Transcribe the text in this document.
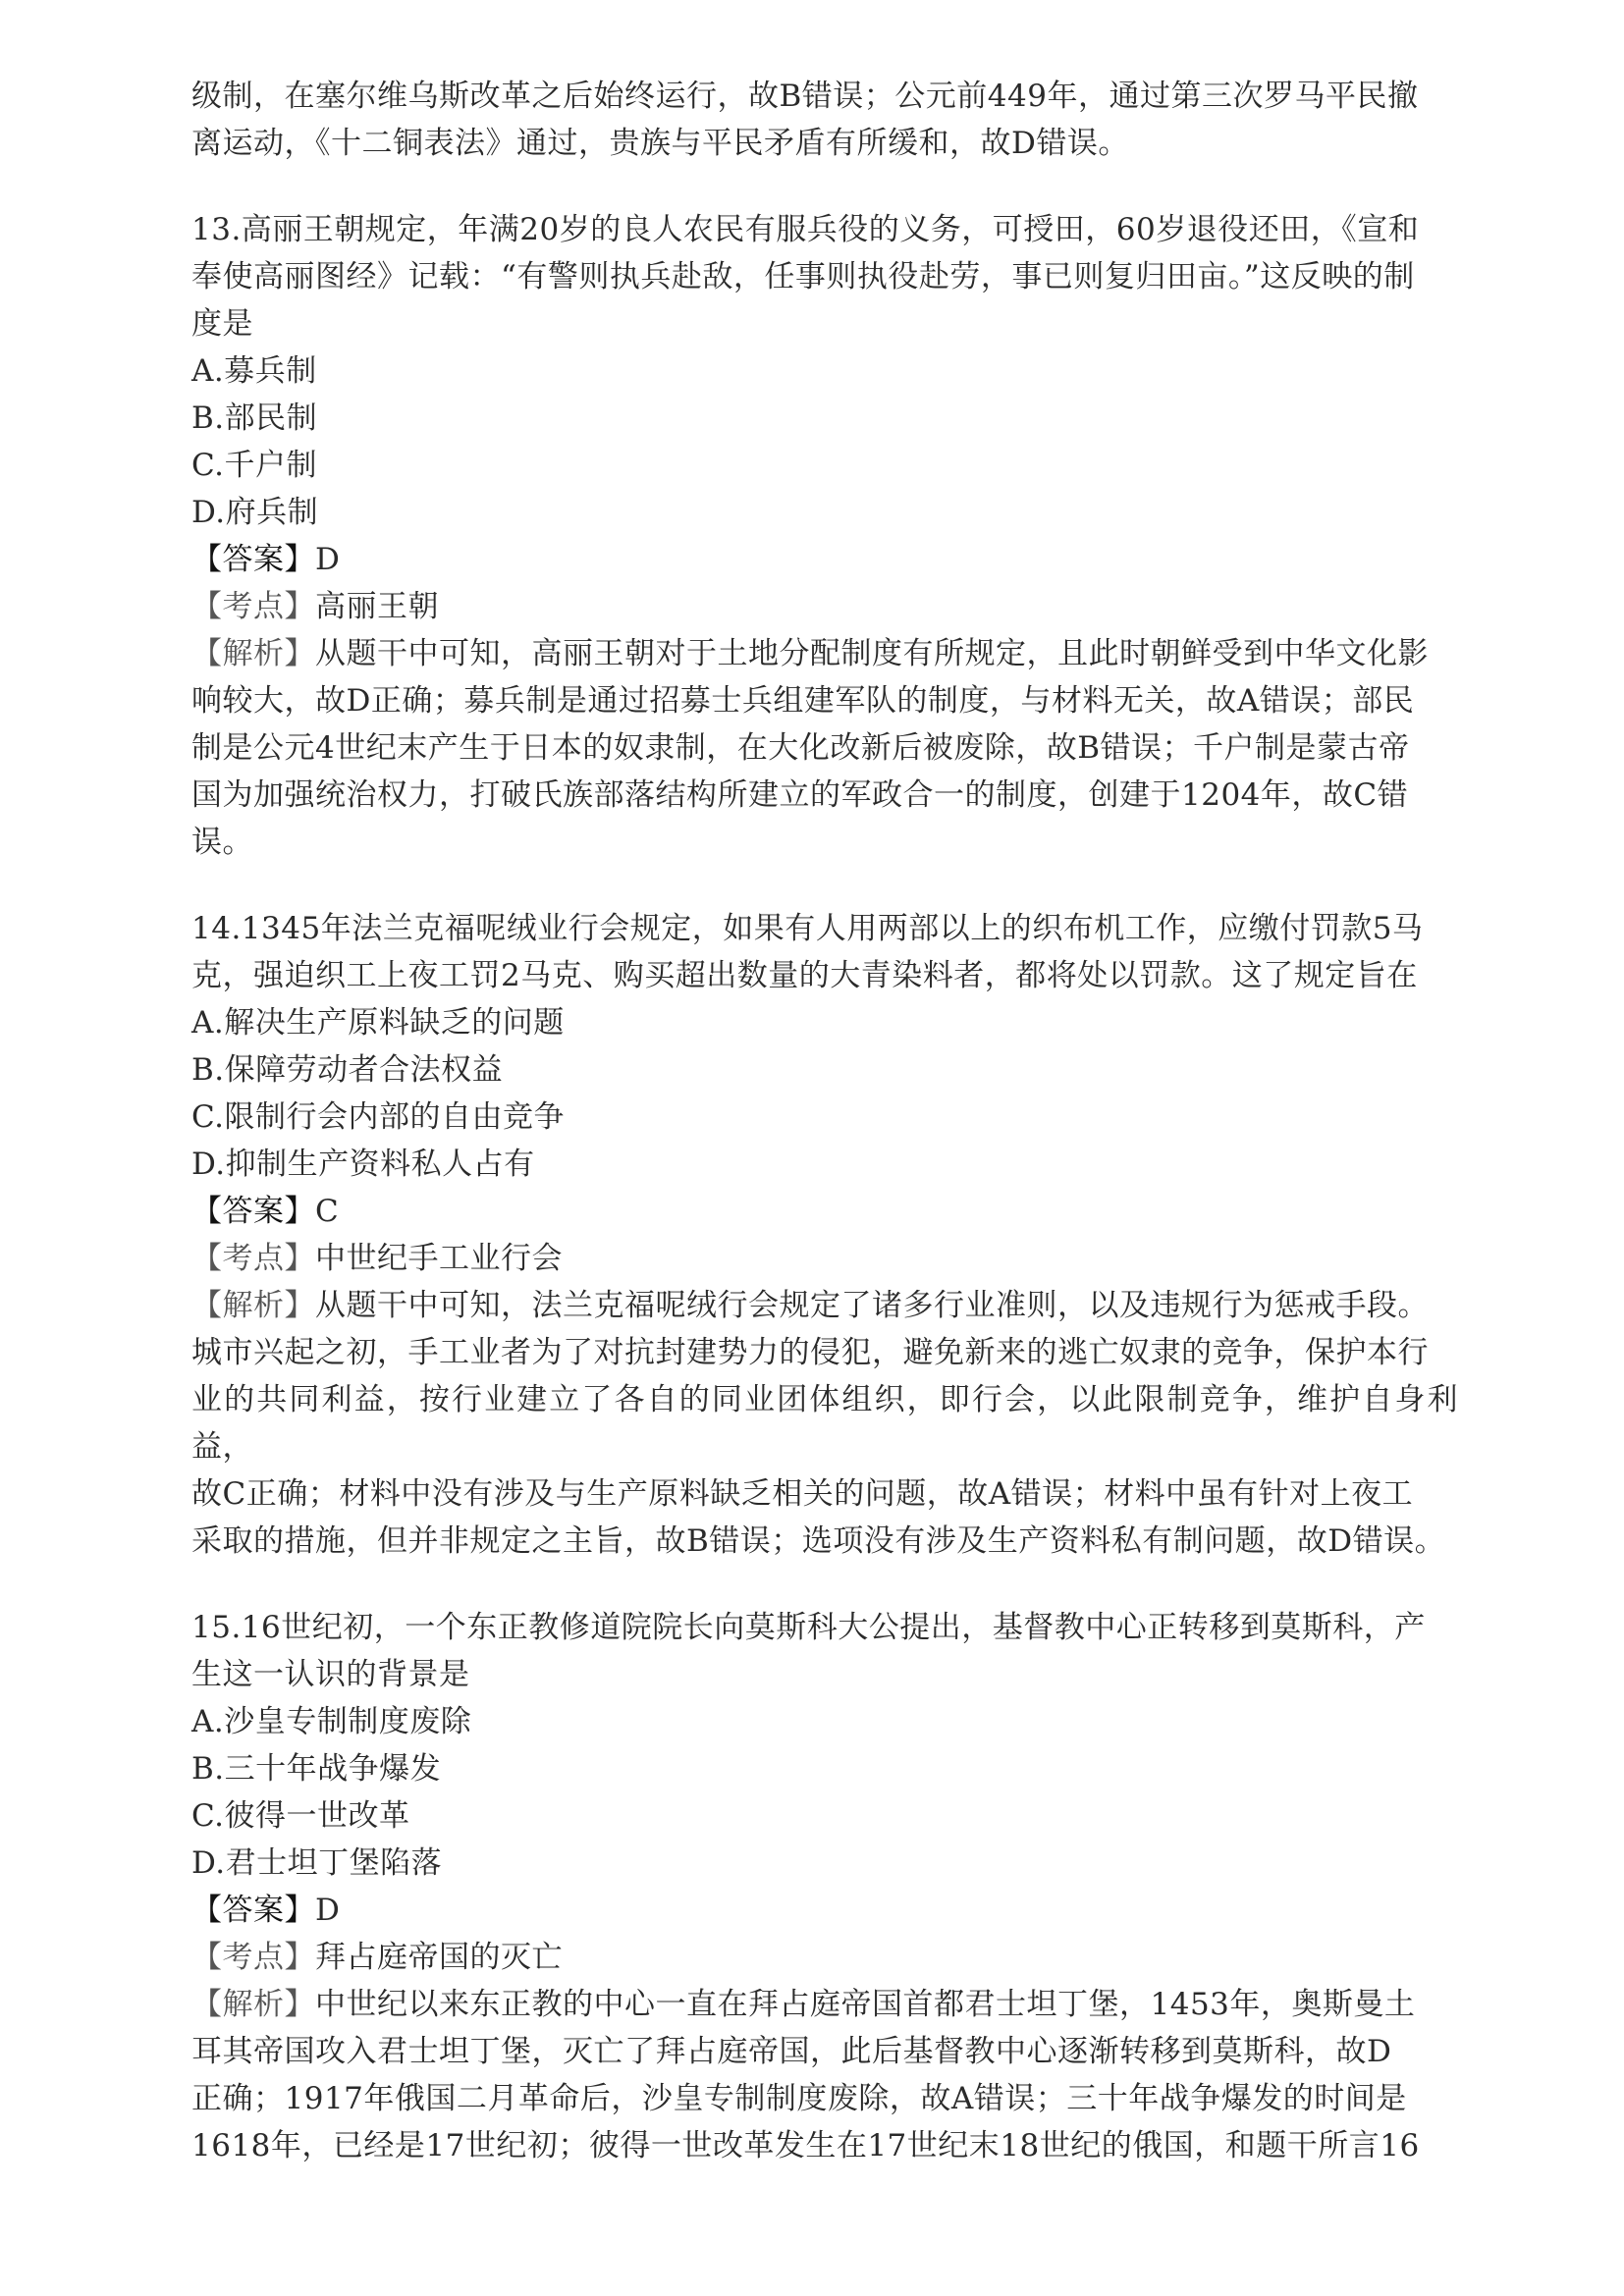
级制，在塞尔维乌斯改革之后始终运行，故B错误；公元前449年，通过第三次罗马平民撤

离运动，《十二铜表法》通过，贵族与平民矛盾有所缓和，故D错误。

13.高丽王朝规定，年满20岁的良人农民有服兵役的义务，可授田，60岁退役还田，《宣和

奉使高丽图经》记载：“有警则执兵赴敌，任事则执役赴劳，事已则复归田亩。”这反映的制

度是

A.募兵制

B.部民制

C.千户制

D.府兵制

【答案】D

【考点】高丽王朝

【解析】从题干中可知，高丽王朝对于土地分配制度有所规定，且此时朝鲜受到中华文化影

响较大，故D正确；募兵制是通过招募士兵组建军队的制度，与材料无关，故A错误；部民

制是公元4世纪末产生于日本的奴隶制，在大化改新后被废除，故B错误；千户制是蒙古帝

国为加强统治权力，打破氏族部落结构所建立的军政合一的制度，创建于1204年，故C错

误。

14.1345年法兰克福呢绒业行会规定，如果有人用两部以上的织布机工作，应缴付罚款5马

克，强迫织工上夜工罚2马克、购买超出数量的大青染料者，都将处以罚款。这了规定旨在

A.解决生产原料缺乏的问题

B.保障劳动者合法权益

C.限制行会内部的自由竞争

D.抑制生产资料私人占有

【答案】C

【考点】中世纪手工业行会

【解析】从题干中可知，法兰克福呢绒行会规定了诸多行业准则，以及违规行为惩戒手段。

城市兴起之初，手工业者为了对抗封建势力的侵犯，避免新来的逃亡奴隶的竞争，保护本行

业的共同利益，按行业建立了各自的同业团体组织，即行会，以此限制竞争，维护自身利益，

故C正确；材料中没有涉及与生产原料缺乏相关的问题，故A错误；材料中虽有针对上夜工

采取的措施，但并非规定之主旨，故B错误；选项没有涉及生产资料私有制问题，故D错误。

15.16世纪初，一个东正教修道院院长向莫斯科大公提出，基督教中心正转移到莫斯科，产

生这一认识的背景是

A.沙皇专制制度废除

B.三十年战争爆发

C.彼得一世改革

D.君士坦丁堡陷落

【答案】D

【考点】拜占庭帝国的灭亡

【解析】中世纪以来东正教的中心一直在拜占庭帝国首都君士坦丁堡，1453年，奥斯曼土

耳其帝国攻入君士坦丁堡，灭亡了拜占庭帝国，此后基督教中心逐渐转移到莫斯科，故D

正确；1917年俄国二月革命后，沙皇专制制度废除，故A错误；三十年战争爆发的时间是

1618年，已经是17世纪初；彼得一世改革发生在17世纪末18世纪的俄国，和题干所言16
